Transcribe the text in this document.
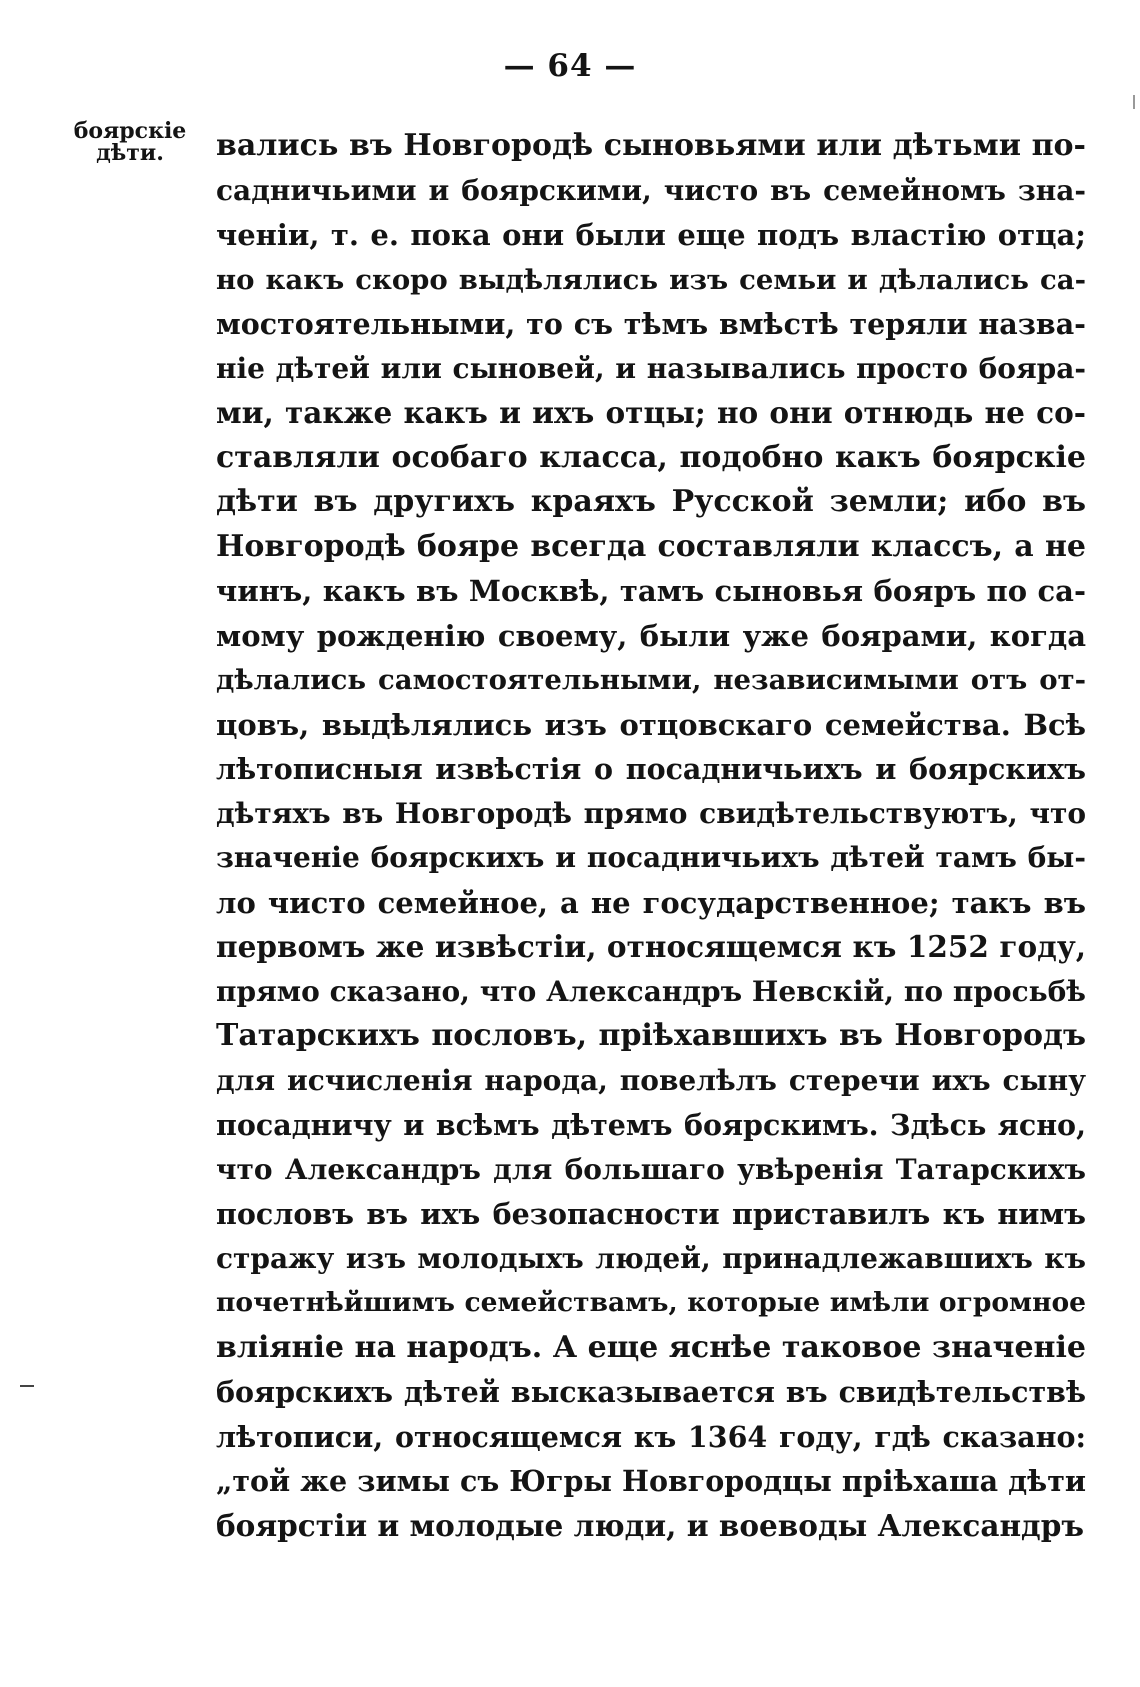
— 64 —
боярскіе
дѣти.	вались въ Новгородѣ сыновьями или дѣтьми по-
садничьими и боярскими, чисто въ семейномъ зна-
ченіи, т. е. пока они были еще подъ властію отца;
но какъ скоро выдѣлялись изъ семьи и дѣлались са-
мостоятельными, то съ тѣмъ вмѣстѣ теряли назва-
ніе дѣтей или сыновей, и назывались просто бояра-
ми, также какъ и ихъ отцы; но они отнюдь не со-
ставляли особаго класса, подобно какъ боярскіе
дѣти въ другихъ краяхъ Русской земли; ибо въ
Новгородѣ бояре всегда составляли классъ, а не
чинъ, какъ въ Москвѣ, тамъ сыновья бояръ по са-
мому рожденію своему, были уже боярами, когда
дѣлались самостоятельными, независимыми отъ от-
цовъ, выдѣлялись изъ отцовскаго семейства. Всѣ
лѣтописныя извѣстія о посадничьихъ и боярскихъ
дѣтяхъ въ Новгородѣ прямо свидѣтельствуютъ, что
значеніе боярскихъ и посадничьихъ дѣтей тамъ бы-
ло чисто семейное, а не государственное; такъ въ
первомъ же извѣстіи, относящемся къ 1252 году,
прямо сказано, что Александръ Невскій, по просьбѣ
Татарскихъ пословъ, пріѣхавшихъ въ Новгородъ
для исчисленія народа, повелѣлъ стеречи ихъ сыну
посадничу и всѣмъ дѣтемъ боярскимъ. Здѣсь ясно,
что Александръ для большаго увѣренія Татарскихъ
пословъ въ ихъ безопасности приставилъ къ нимъ
стражу изъ молодыхъ людей, принадлежавшихъ къ
почетнѣйшимъ семействамъ, которые имѣли огромное
вліяніе на народъ. А еще яснѣе таковое значеніе
боярскихъ дѣтей высказывается въ свидѣтельствѣ
лѣтописи, относящемся къ 1364 году, гдѣ сказано:
„той же зимы съ Югры Новгородцы пріѣхаша дѣти
боярстіи и молодые люди, и воеводы Александръ
